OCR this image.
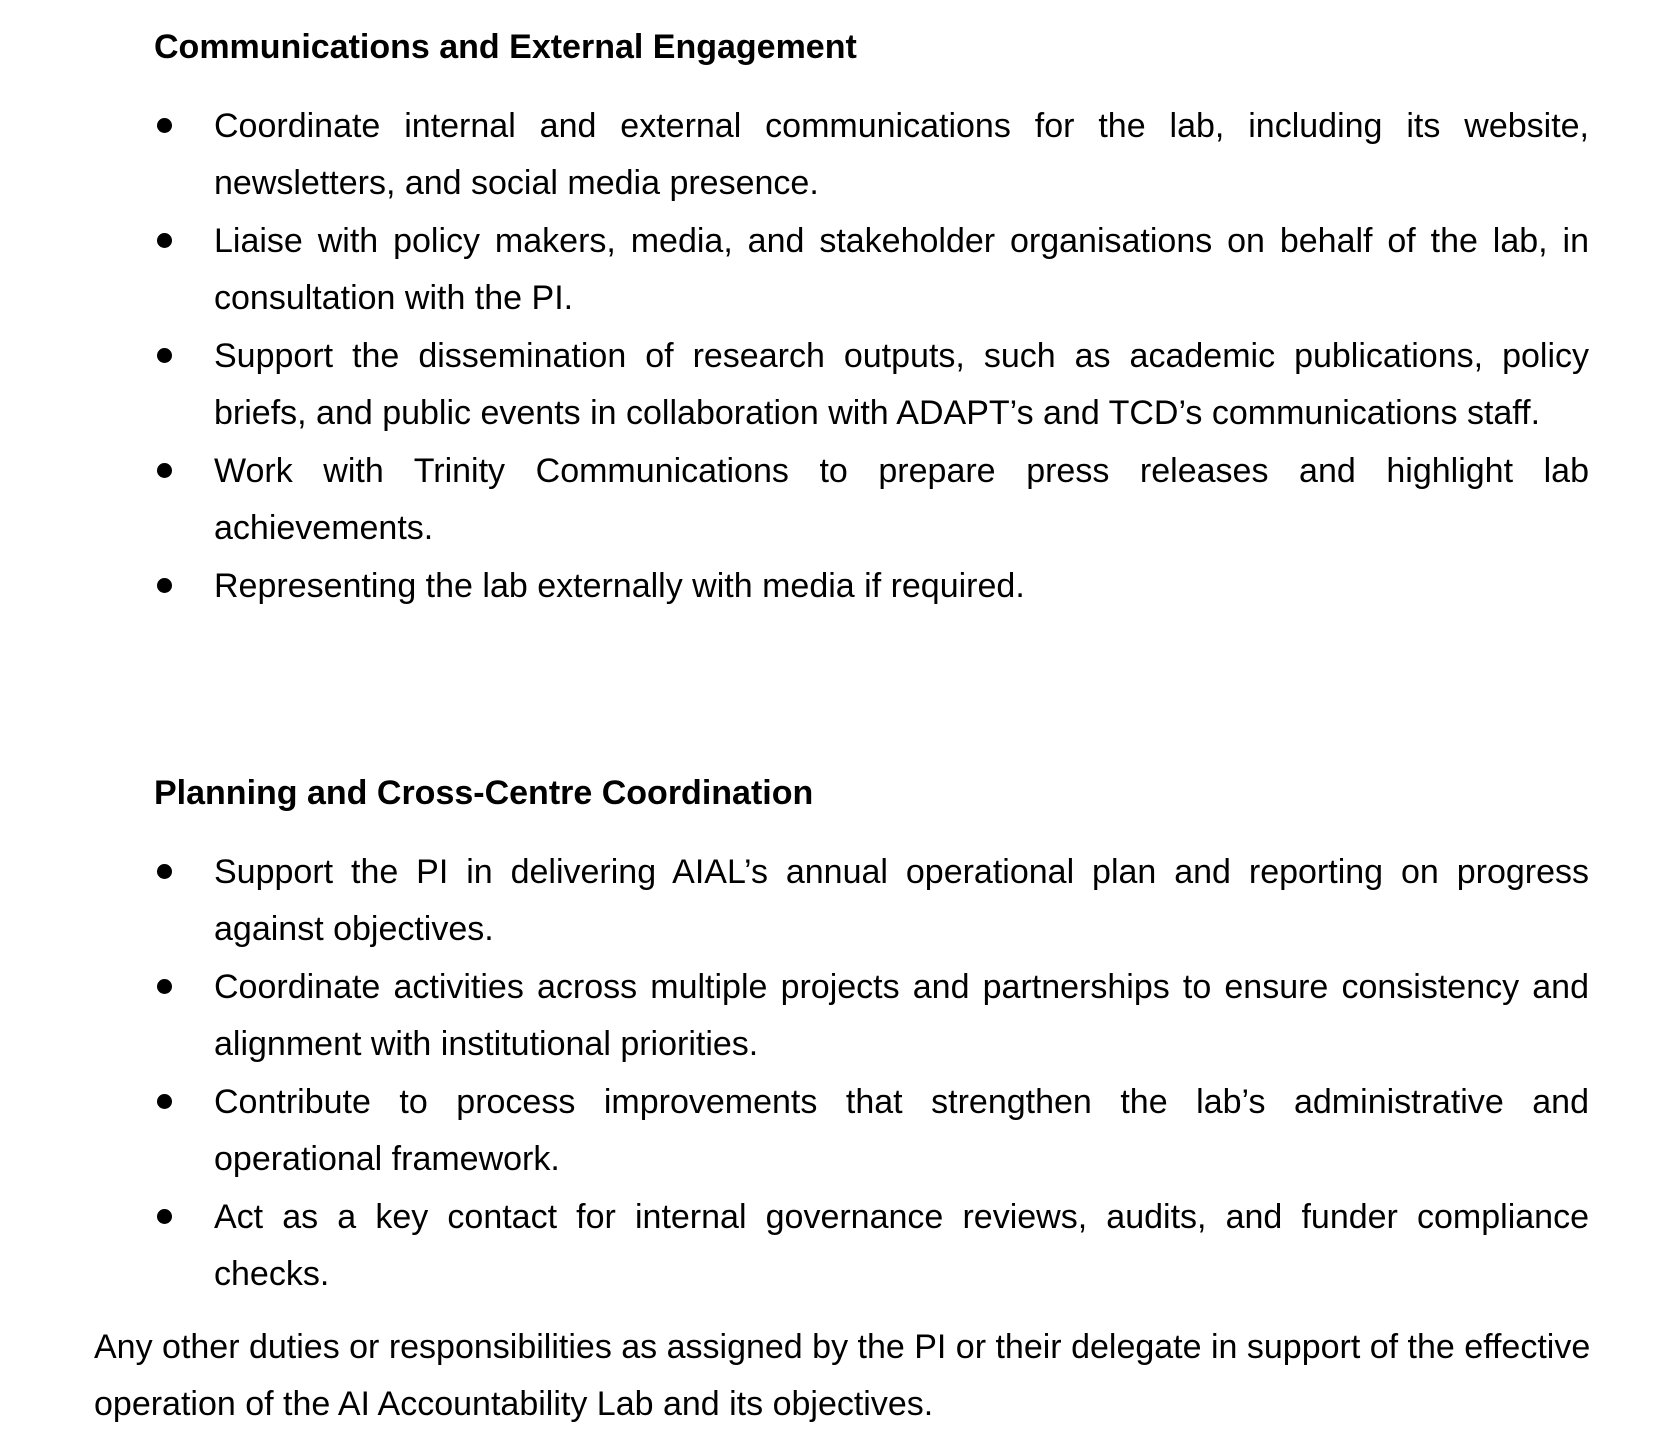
Communications and External Engagement
Coordinate internal and external communications for the lab, including its website, newsletters, and social media presence.
Liaise with policy makers, media, and stakeholder organisations on behalf of the lab, in consultation with the PI.
Support the dissemination of research outputs, such as academic publications, policy briefs, and public events in collaboration with ADAPT’s and TCD’s communications staff.
Work with Trinity Communications to prepare press releases and highlight lab achievements.
Representing the lab externally with media if required.
Planning and Cross-Centre Coordination
Support the PI in delivering AIAL’s annual operational plan and reporting on progress against objectives.
Coordinate activities across multiple projects and partnerships to ensure consistency and alignment with institutional priorities.
Contribute to process improvements that strengthen the lab’s administrative and operational framework.
Act as a key contact for internal governance reviews, audits, and funder compliance checks.

Any other duties or responsibilities as assigned by the PI or their delegate in support of the effective operation of the AI Accountability Lab and its objectives.
